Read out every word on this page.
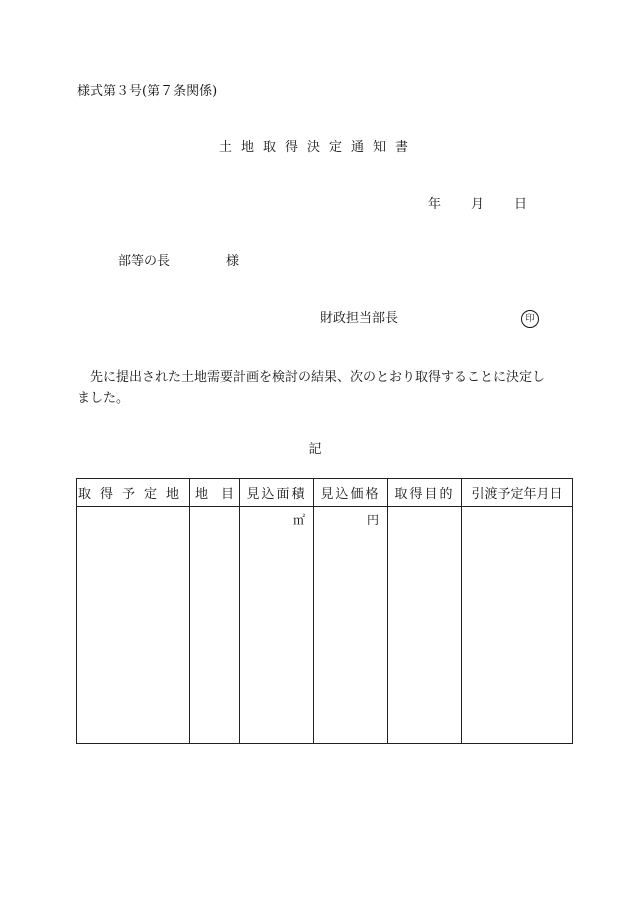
様式第３号(第７条関係)
土地取得決定通知書
年 月 日
部等の長	様
財政担当部長	印
先に提出された土地需要計画を検討の結果、次のとおり取得することに決定しました。
記
取得予定地	地　目	見込面積	見込価格	取得目的	引渡予定年月日
		㎡	円		
